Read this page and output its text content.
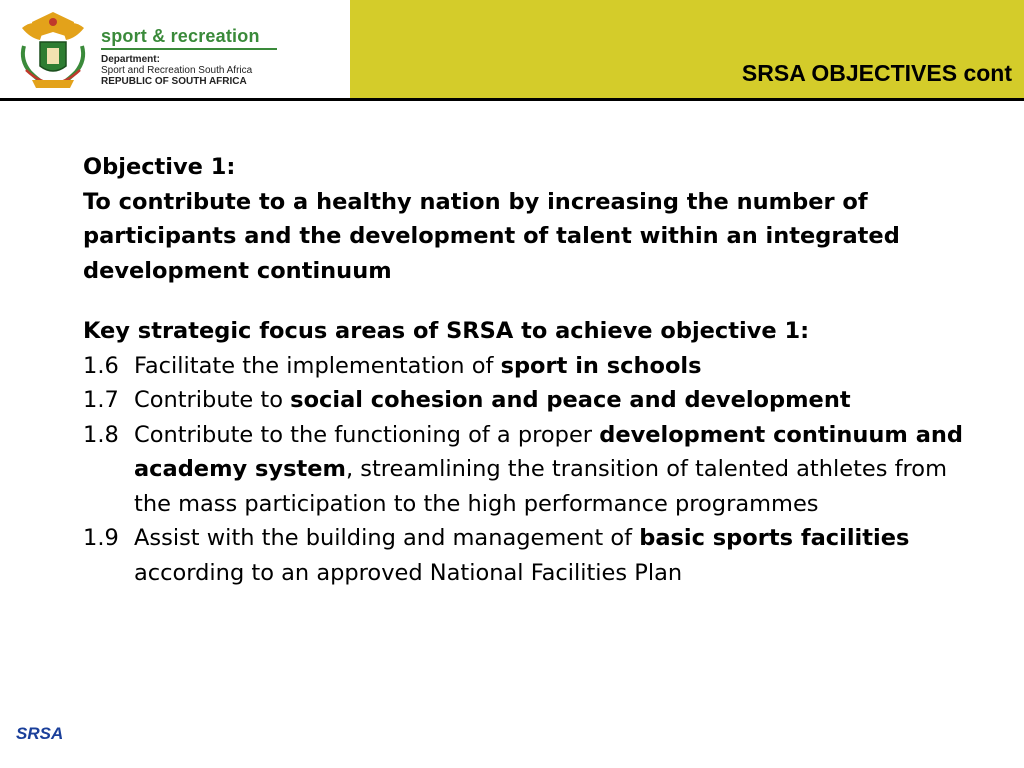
sport & recreation
Department:
Sport and Recreation South Africa
REPUBLIC OF SOUTH AFRICA	SRSA OBJECTIVES cont
Objective 1:
To contribute to a healthy nation by increasing the number of participants and the development of talent within an integrated development continuum
Key strategic focus areas of SRSA to achieve objective 1:
1.6 Facilitate the implementation of sport in schools
1.7 Contribute to social cohesion and peace and development
1.8 Contribute to the functioning of a proper development continuum and academy system, streamlining the transition of talented athletes from the mass participation to the high performance programmes
1.9 Assist with the building and management of basic sports facilities according to an approved National Facilities Plan
SRSA
